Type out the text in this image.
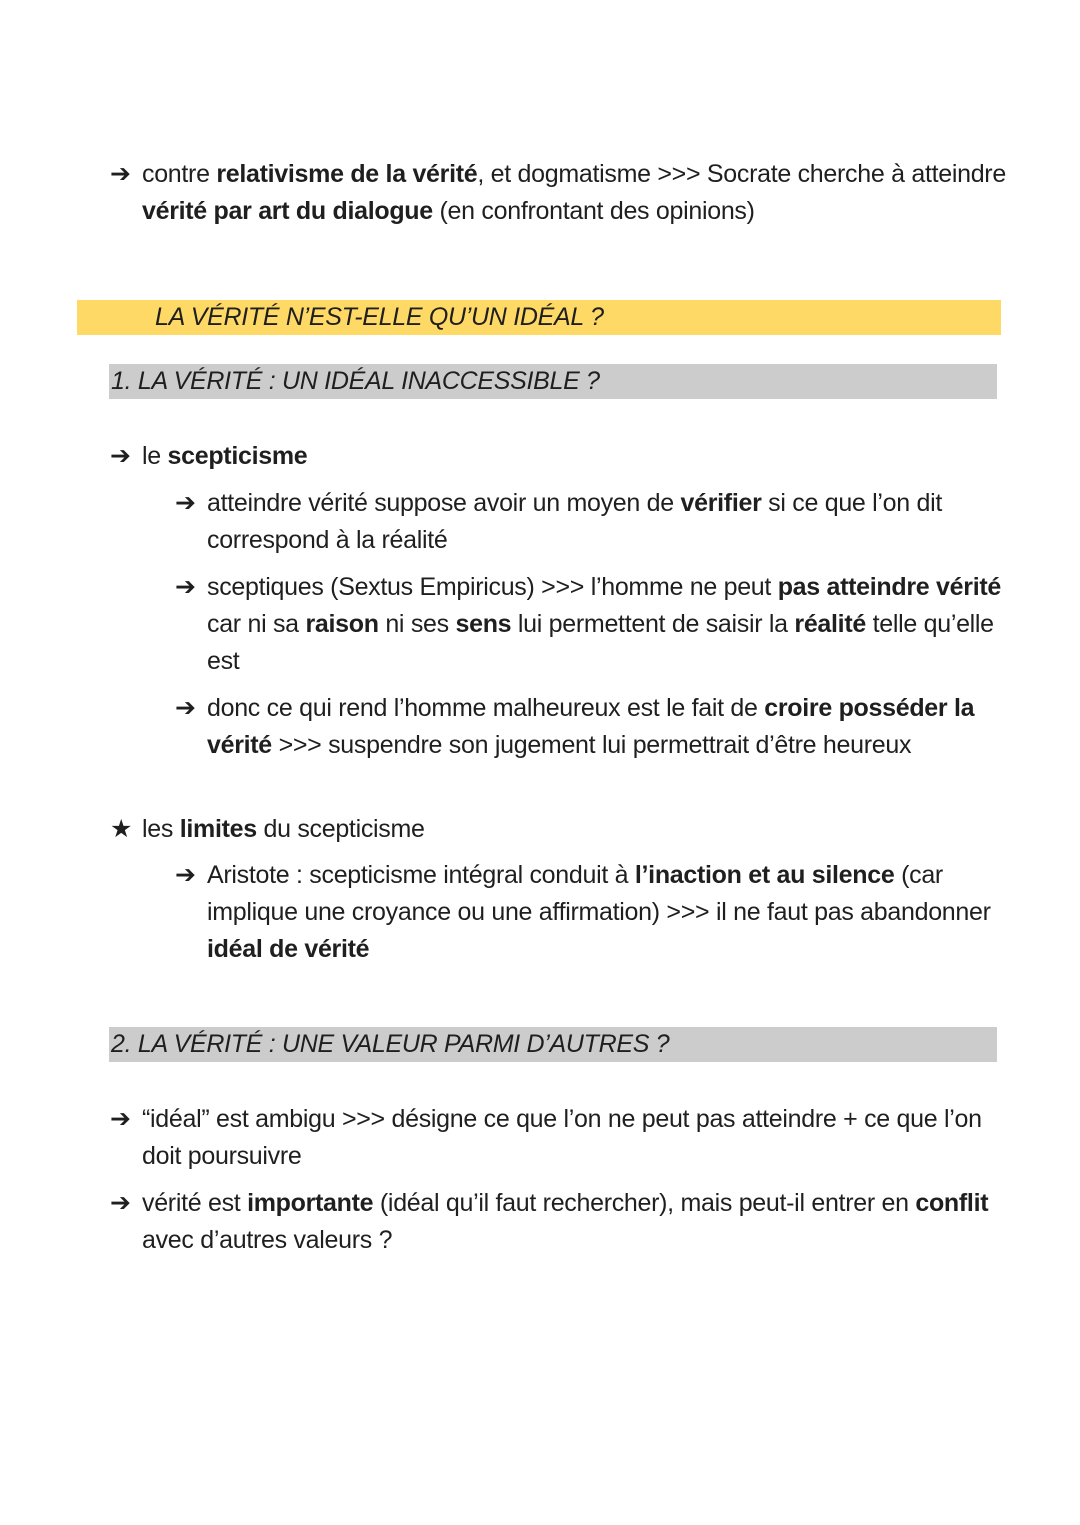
➔ contre relativisme de la vérité, et dogmatisme >>> Socrate cherche à atteindre
vérité par art du dialogue (en confrontant des opinions)
LA VÉRITÉ N’EST-ELLE QU’UN IDÉAL ?
1. LA VÉRITÉ : UN IDÉAL INACCESSIBLE ?
➔ le scepticisme
➔ atteindre vérité suppose avoir un moyen de vérifier si ce que l’on dit
correspond à la réalité
➔ sceptiques (Sextus Empiricus) >>> l’homme ne peut pas atteindre vérité
car ni sa raison ni ses sens lui permettent de saisir la réalité telle qu’elle
est
➔ donc ce qui rend l’homme malheureux est le fait de croire posséder la
vérité >>> suspendre son jugement lui permettrait d’être heureux
★ les limites du scepticisme
➔ Aristote : scepticisme intégral conduit à l’inaction et au silence (car
implique une croyance ou une affirmation) >>> il ne faut pas abandonner
idéal de vérité
2. LA VÉRITÉ : UNE VALEUR PARMI D’AUTRES ?
➔ “idéal” est ambigu >>> désigne ce que l’on ne peut pas atteindre + ce que l’on
doit poursuivre
➔ vérité est importante (idéal qu’il faut rechercher), mais peut-il entrer en conflit
avec d’autres valeurs ?
